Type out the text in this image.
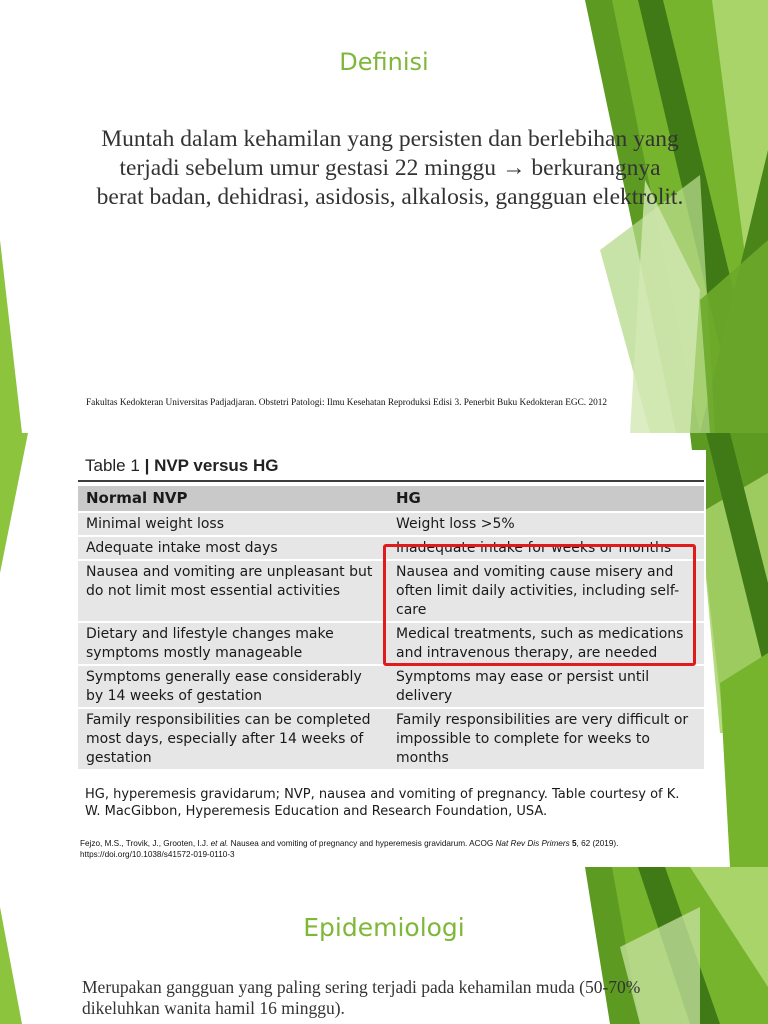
Definisi
Muntah dalam kehamilan yang persisten dan berlebihan yang terjadi sebelum umur gestasi 22 minggu → berkurangnya berat badan, dehidrasi, asidosis, alkalosis, gangguan elektrolit.
Fakultas Kedokteran Universitas Padjadjaran. Obstetri Patologi: Ilmu Kesehatan Reproduksi Edisi 3. Penerbit Buku Kedokteran EGC. 2012
Table 1 | NVP versus HG
Normal NVP	HG
Minimal weight loss	Weight loss >5%
Adequate intake most days	Inadequate intake for weeks or months
Nausea and vomiting are unpleasant but do not limit most essential activities	Nausea and vomiting cause misery and often limit daily activities, including self-care
Dietary and lifestyle changes make symptoms mostly manageable	Medical treatments, such as medications and intravenous therapy, are needed
Symptoms generally ease considerably by 14 weeks of gestation	Symptoms may ease or persist until delivery
Family responsibilities can be completed most days, especially after 14 weeks of gestation	Family responsibilities are very difficult or impossible to complete for weeks to months
HG, hyperemesis gravidarum; NVP, nausea and vomiting of pregnancy. Table courtesy of K. W. MacGibbon, Hyperemesis Education and Research Foundation, USA.
Fejzo, M.S., Trovik, J., Grooten, I.J. et al. Nausea and vomiting of pregnancy and hyperemesis gravidarum. ACOG Nat Rev Dis Primers 5, 62 (2019).
https://doi.org/10.1038/s41572-019-0110-3
Epidemiologi
Merupakan gangguan yang paling sering terjadi pada kehamilan muda (50-70% dikeluhkan wanita hamil 16 minggu).
